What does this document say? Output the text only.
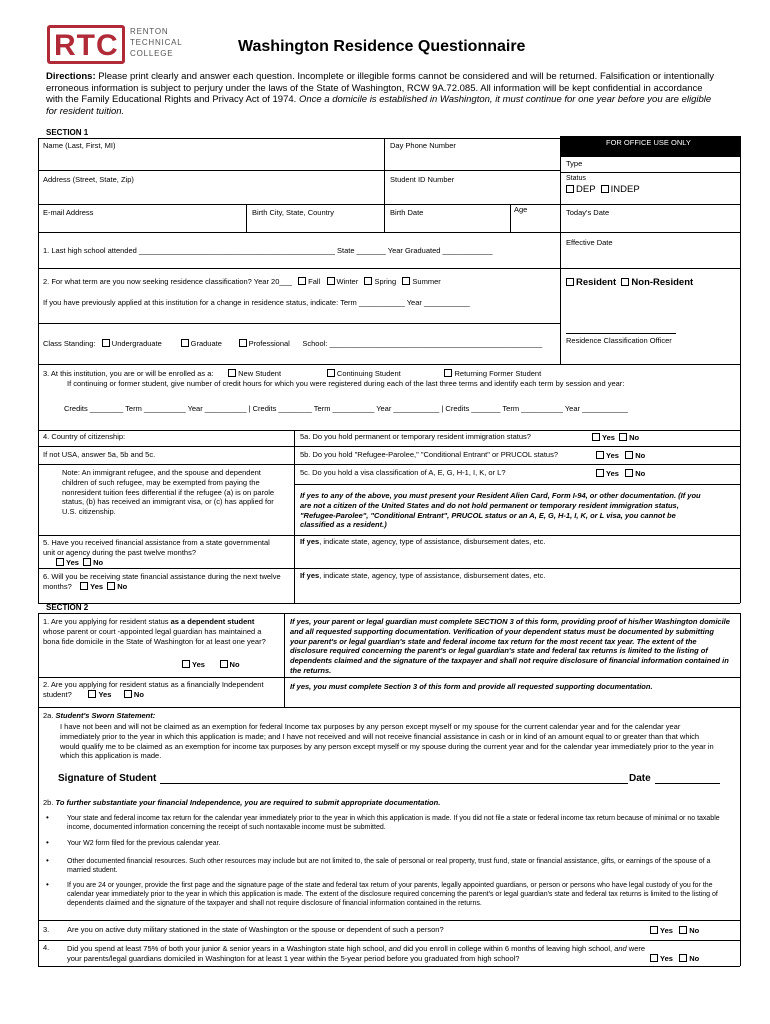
RTC RENTON
TECHNICAL
COLLEGE	Washington Residence Questionnaire
Directions: Please print clearly and answer each question. Incomplete or illegible forms cannot be considered and will be returned. Falsification or intentionally erroneous information is subject to perjury under the laws of the State of Washington, RCW 9A.72.085. All information will be kept confidential in accordance with the Family Educational Rights and Privacy Act of 1974. Once a domicile is established in Washington, it must continue for one year before you are eligible for resident tuition.
SECTION 1
FOR OFFICE USE ONLY
Name (Last, First, MI)	Day Phone Number
Address (Street, State, Zip)	Student ID Number
E-mail Address	Birth City, State, Country	Birth Date	Age
1. Last high school attended _______________________________________________ State _______ Year Graduated ____________
2. For what term are you now seeking residence classification? Year 20___ Fall Winter Spring Summer
If you have previously applied at this institution for a change in residence status, indicate: Term ___________ Year ___________
Class Standing: Undergraduate	Graduate	Professional School: ___________________________________________________
Type
Status
DEP INDEP
Today's Date
Effective Date
Resident Non-Resident
Residence Classification Officer
3. At this institution, you are or will be enrolled as a:	New Student	Continuing Student	Returning Former Student
If continuing or former student, give number of credit hours for which you were registered during each of the last three terms and identify each term by session and year:
Credits ________ Term __________ Year __________ | Credits ________ Term __________ Year ___________ | Credits _______ Term __________ Year ___________
4. Country of citizenship:	5a. Do you hold permanent or temporary resident immigration status?	Yes No
If not USA, answer 5a, 5b and 5c.	5b. Do you hold "Refugee-Parolee," "Conditional Entrant" or PRUCOL status?	Yes No
Note: An immigrant refugee, and the spouse and dependent children of such refugee, may be exempted from paying the nonresident tuition fees differential if the refugee (a) is on parole status, (b) has received an immigrant visa, or (c) has applied for U.S. citizenship.
5c. Do you hold a visa classification of A, E, G, H-1, I, K, or L?	Yes No
If yes to any of the above, you must present your Resident Alien Card, Form I-94, or other documentation. (If you are not a citizen of the United States and do not hold permanent or temporary resident immigration status, "Refugee-Parolee", "Conditional Entrant", PRUCOL status or an A, E, G, H-1, I, K, or L visa, you cannot be classified as a resident.)
5. Have you received financial assistance from a state governmental unit or agency during the past twelve months?
Yes No
If yes, indicate state, agency, type of assistance, disbursement dates, etc.
6. Will you be receiving state financial assistance during the next twelve months? Yes No
If yes, indicate state, agency, type of assistance, disbursement dates, etc.
SECTION 2
1. Are you applying for resident status as a dependent student whose parent or court -appointed legal guardian has maintained a bona fide domicile in the State of Washington for at least one year?
Yes	No
If yes, your parent or legal guardian must complete SECTION 3 of this form, providing proof of his/her Washington domicile and all requested supporting documentation. Verification of your dependent status must be documented by submitting your parent's or legal guardian's state and federal income tax return for the most recent tax year. The extent of the disclosure required concerning the parent's or legal guardian's state and federal tax returns is limited to the listing of dependents claimed and the signature of the taxpayer and shall not require disclosure of financial information contained in the returns.
2. Are you applying for resident status as a financially Independent student?	Yes	No
If yes, you must complete Section 3 of this form and provide all requested supporting documentation.
2a. Student's Sworn Statement:
I have not been and will not be claimed as an exemption for federal Income tax purposes by any person except myself or my spouse for the current calendar year and for the calendar year immediately prior to the year in which this application is made; and I have not received and will not receive financial assistance in cash or in kind of an amount equal to or greater than that which would qualify me to be claimed as an exemption for income tax purposes by any person except myself or my spouse during the current year and for the calendar year immediately prior to the year in which this application is made.
Signature of Student	Date
2b. To further substantiate your financial Independence, you are required to submit appropriate documentation.
•	Your state and federal income tax return for the calendar year immediately prior to the year in which this application is made. If you did not file a state or federal income tax return because of minimal or no taxable income, documented information concerning the receipt of such nontaxable income must be submitted.
•	Your W2 form filed for the previous calendar year.
•	Other documented financial resources. Such other resources may include but are not limited to, the sale of personal or real property, trust fund, state or financial assistance, gifts, or earnings of the spouse of a married student.
•	If you are 24 or younger, provide the first page and the signature page of the state and federal tax return of your parents, legally appointed guardians, or person or persons who have legal custody of you for the calendar year immediately prior to the year in which this application is made. The extent of the disclosure required concerning the parent's or legal guardian's state and federal tax returns is limited to the listing of dependents claimed and the signature of the taxpayer and shall not require disclosure of financial information contained in the returns.
3. Are you on active duty military stationed in the state of Washington or the spouse or dependent of such a person?	Yes No
4. Did you spend at least 75% of both your junior & senior years in a Washington state high school, and did you enroll in college within 6 months of leaving high school, and were your parents/legal guardians domiciled in Washington for at least 1 year within the 5-year period before you graduated from high school?	Yes No
